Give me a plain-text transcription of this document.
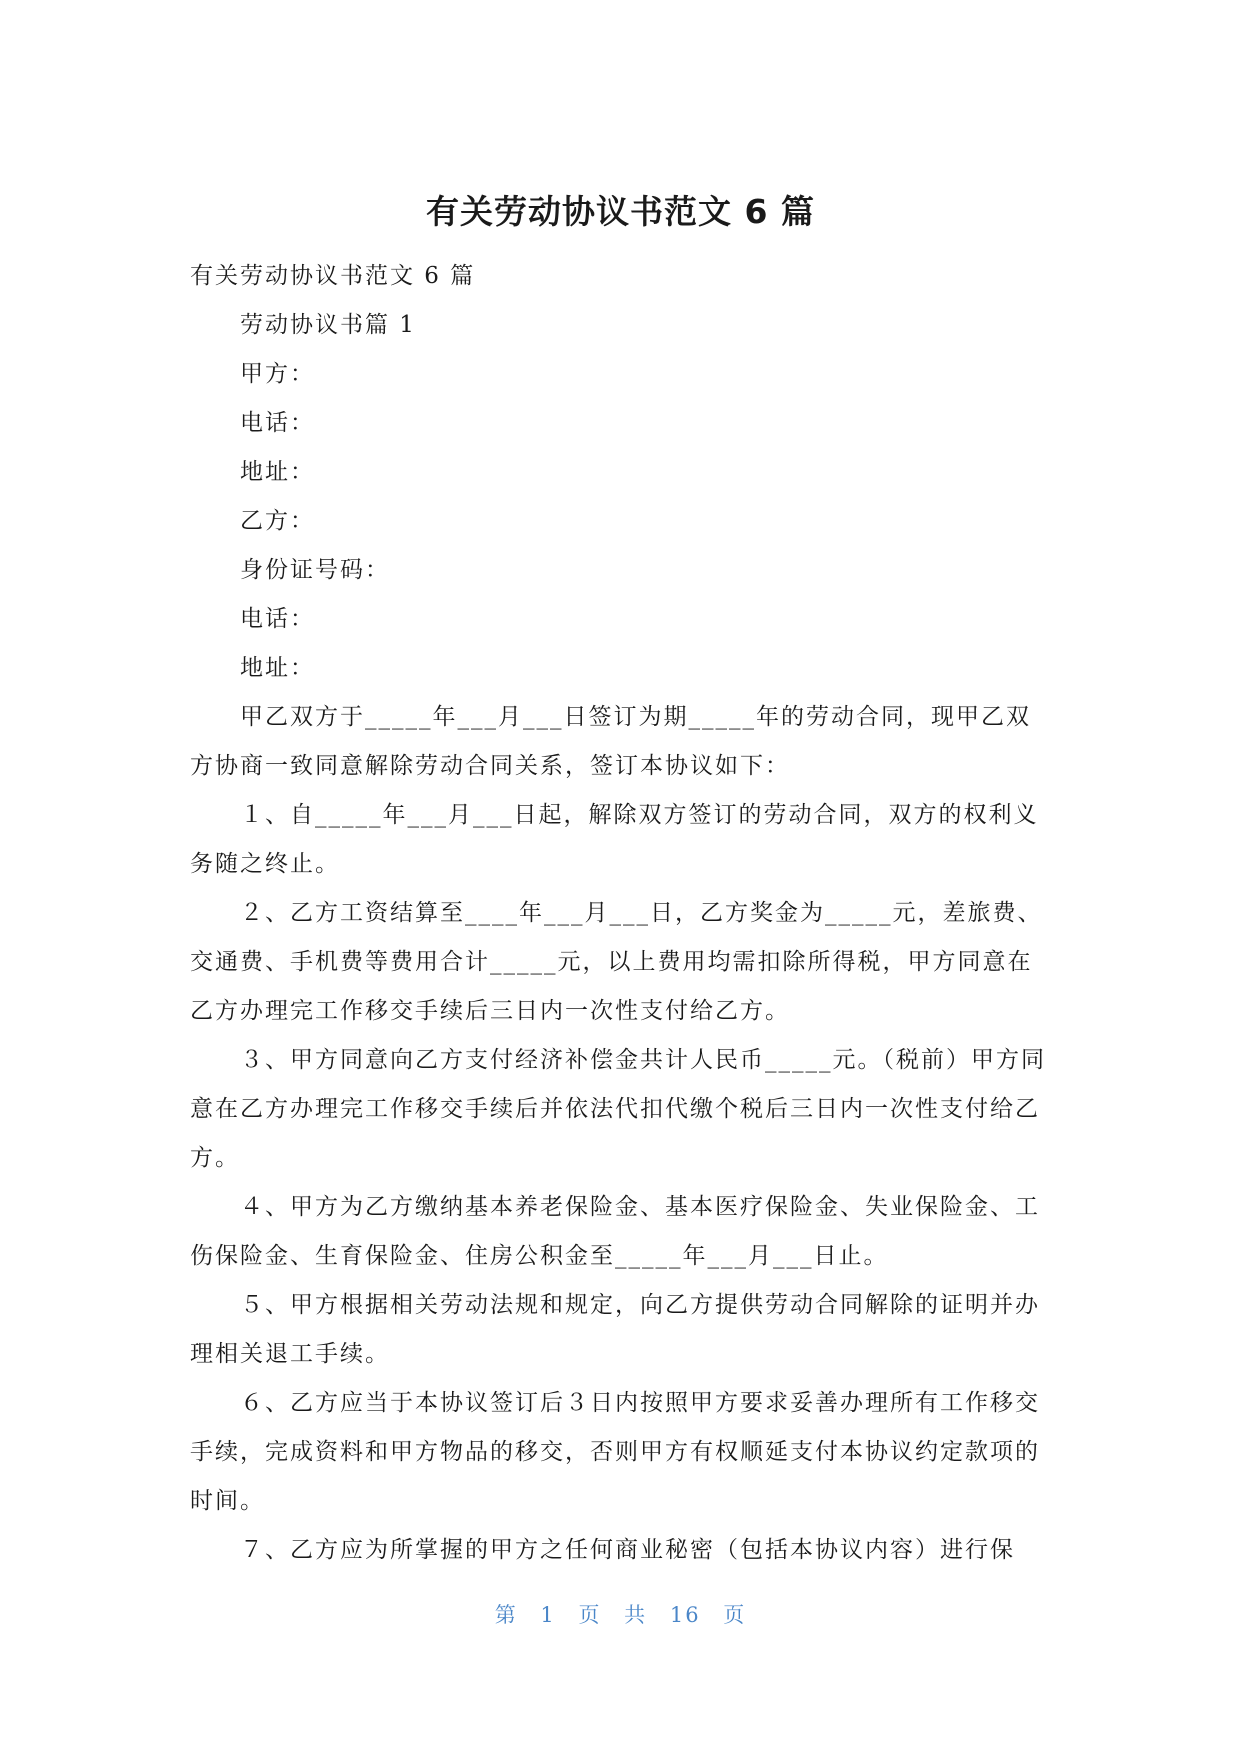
有关劳动协议书范文 6 篇

有关劳动协议书范文 6 篇

劳动协议书篇 1

甲方：

电话：

地址：

乙方：

身份证号码：

电话：

地址：

甲乙双方于_____年___月___日签订为期_____年的劳动合同，现甲乙双方协商一致同意解除劳动合同关系，签订本协议如下：

１、自_____年___月___日起，解除双方签订的劳动合同，双方的权利义务随之终止。

２、乙方工资结算至____年___月___日，乙方奖金为_____元，差旅费、交通费、手机费等费用合计_____元，以上费用均需扣除所得税，甲方同意在乙方办理完工作移交手续后三日内一次性支付给乙方。

３、甲方同意向乙方支付经济补偿金共计人民币_____元。（税前）甲方同意在乙方办理完工作移交手续后并依法代扣代缴个税后三日内一次性支付给乙方。

４、甲方为乙方缴纳基本养老保险金、基本医疗保险金、失业保险金、工伤保险金、生育保险金、住房公积金至_____年___月___日止。

５、甲方根据相关劳动法规和规定，向乙方提供劳动合同解除的证明并办理相关退工手续。

６、乙方应当于本协议签订后３日内按照甲方要求妥善办理所有工作移交手续，完成资料和甲方物品的移交，否则甲方有权顺延支付本协议约定款项的时间。

７、乙方应为所掌握的甲方之任何商业秘密（包括本协议内容）进行保

第 1 页 共 16 页
